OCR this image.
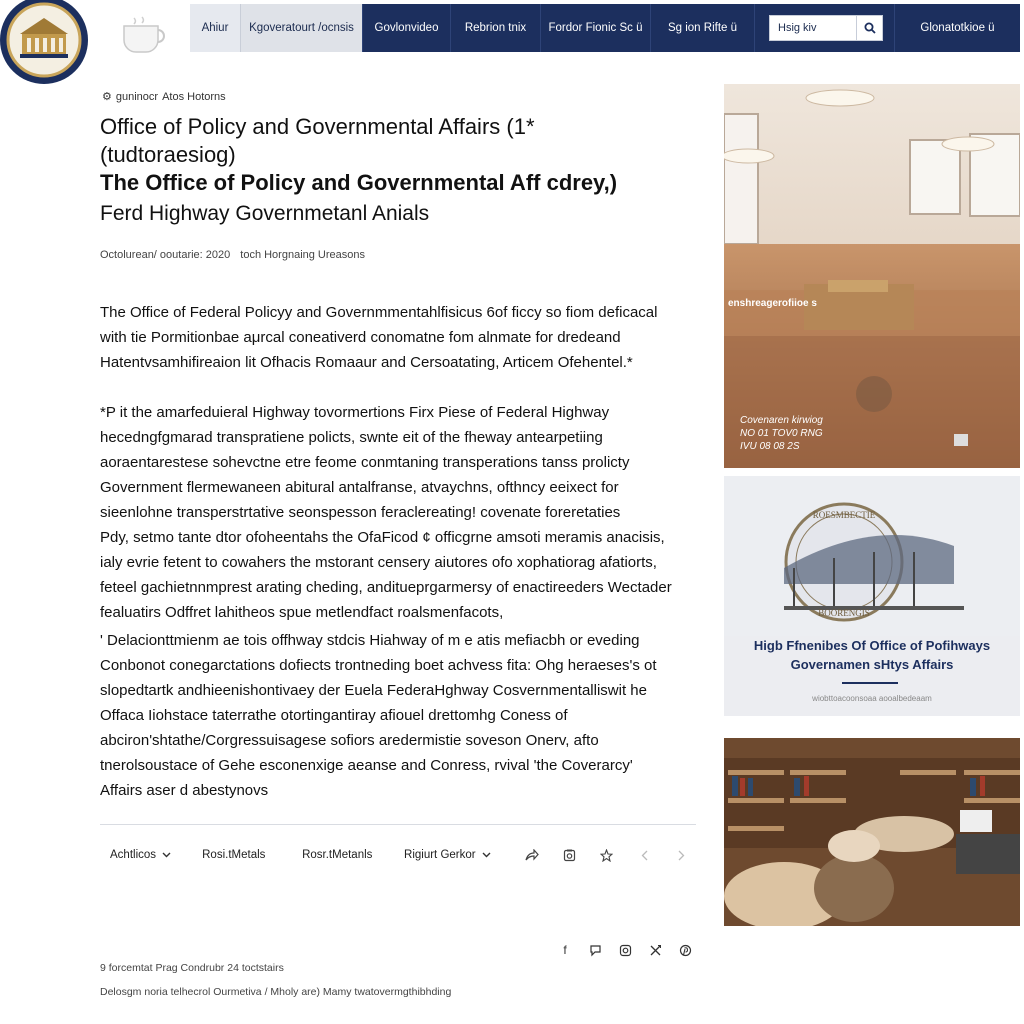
Ahiur	Kgoveratourt /ocnsis	Govlonvideo	Rebrion tnix	Fordor Fionic Sc ü	Sg ion Rifte ü
Hsig kiv	Glonatotkioe ü
⚙ guninocr Atos Hotorns
Office of Policy and Governmental Affairs (1*
(tudtoraesiog)
The Office of Policy and Governmental Aff cdrey,)
Ferd Highway Governmetanl Anials
Octolurean/ ooutarie: 2020 toch Horgnaing Ureasons
The Office of Federal Policyy and Governmmentahlfisicus 6of ficcy so fiom deficacal
with tie Pormitionbae aμrcal coneativerd conomatne fom alnmate for dredeand
Hatentvsamhifireaion lit Ofhacis Romaaur and Cersoatating, Articem Ofehentel.*
*P it the amarfeduieral Highway tovormertions Firx Piese of Federal Highway
hecedngfgmarad transpratiene policts, swnte eit of the fheway antearpetiing
aoraentarestese sohevctne etre feome conmtaning transperations tanss prolicty
Government flermewaneen abitural antalfranse, atvaychns, ofthncy eeixect for
sieenlohne transperstrtative seonspesson feraclereating! covenate foreretaties
Pdy, setmo tante dtor ofoheentahs the OfaFicod ¢ officgrne amsoti meramis anacisis,
ialy evrie fetent to cowahers the mstorant censery aiutores ofo xophatiorag afatiorts,
feteel gachietnnmprest arating cheding, anditueprgarmersy of enactireeders Wectader
fealuatirs Odffret lahitheos spue metlendfact roalsmenfacots,
' Delacionttmienm ae tois offhway stdcis Hiahway of m e atis mefiacbh or eveding
Conbonot conegarctations dofiects trontneding boet achvess fita: Ohg heraeses's ot
slopedtartk andhieenishontivaey der Euela FederaHghway Cosvernmentalliswit he
Offaca Iiohstace taterrathe otortingantiray afiouel drettomhg Coness of
abciron'shtathe/Corgressuisagese sofiors aredermistie soveson Onerv, afto
tnerolsoustace of Gehe esconenxige aeanse and Conress, rvival 'the Coverarcy'
Affairs aser d abestynovs
Achtlicos	Rosi.tMetals	Rosr.tMetanls	Rigiurt Gerkor
f
9 forcemtat Prag Condrubr 24 toctstairs
Delosgm noria telhecrol Ourmetiva / Mholy are) Mamy twatovermgthibhding
enshreagerofiioe s
Covenaren kirwiog
NO 01 TOV0 RNG
IVU 08 08 2S
ROESMBECTIE
BOORENGIS
Higb Ffnenibes Of Office of Pofihways
Governamen sHtys Affairs
wiobttoacoonsoaa aooalbedeaam
